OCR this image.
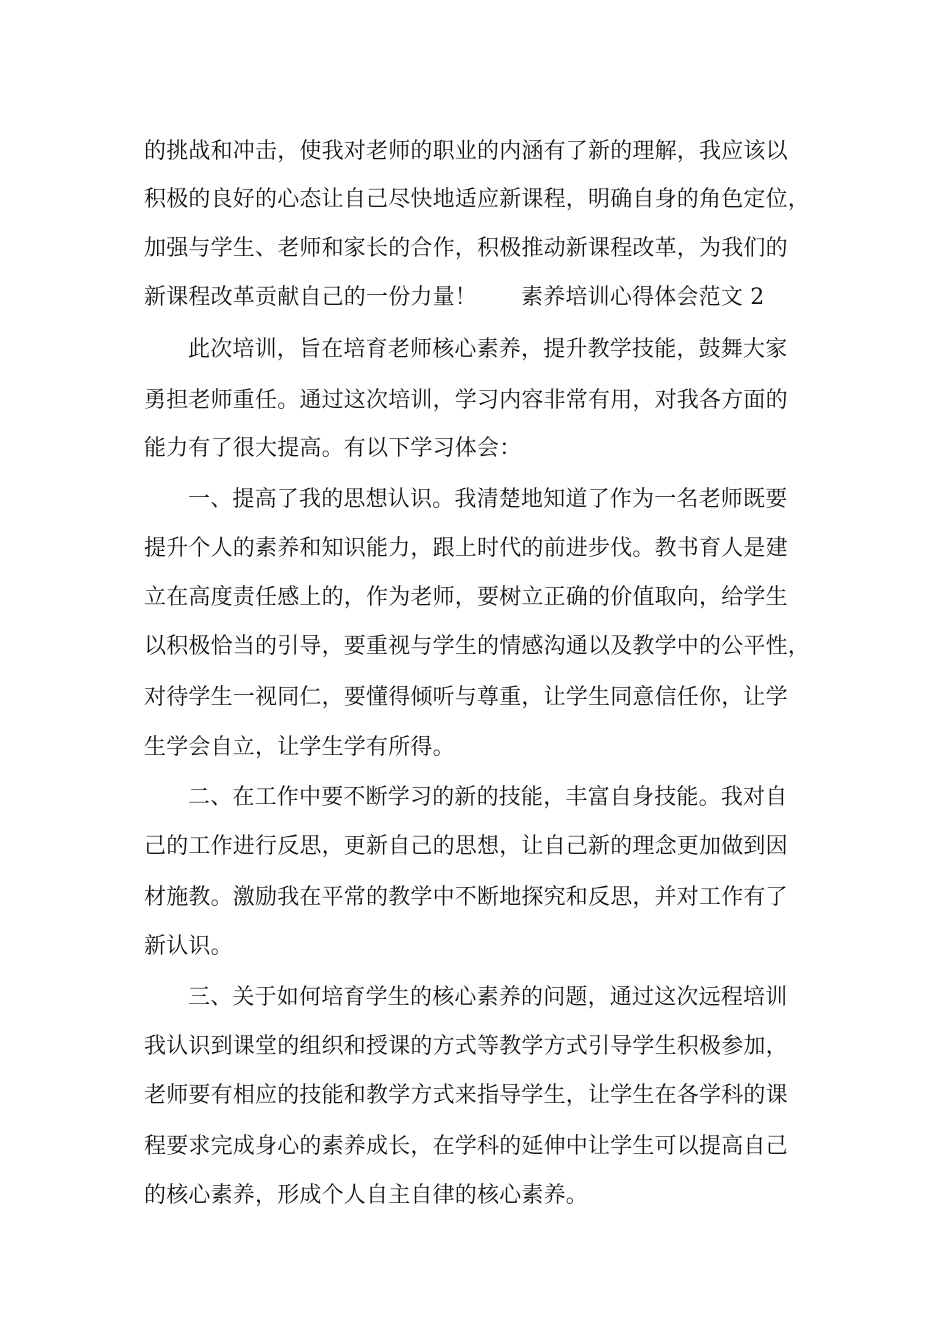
的挑战和冲击，使我对老师的职业的内涵有了新的理解，我应该以

积极的良好的心态让自己尽快地适应新课程，明确自身的角色定位，

加强与学生、老师和家长的合作，积极推动新课程改革，为我们的

新课程改革贡献自己的一份力量！ 素养培训心得体会范文 2

此次培训，旨在培育老师核心素养，提升教学技能，鼓舞大家

勇担老师重任。通过这次培训，学习内容非常有用，对我各方面的

能力有了很大提高。有以下学习体会：

一、提高了我的思想认识。我清楚地知道了作为一名老师既要

提升个人的素养和知识能力，跟上时代的前进步伐。教书育人是建

立在高度责任感上的，作为老师，要树立正确的价值取向，给学生

以积极恰当的引导，要重视与学生的情感沟通以及教学中的公平性，

对待学生一视同仁，要懂得倾听与尊重，让学生同意信任你，让学

生学会自立，让学生学有所得。

二、在工作中要不断学习的新的技能，丰富自身技能。我对自

己的工作进行反思，更新自己的思想，让自己新的理念更加做到因

材施教。激励我在平常的教学中不断地探究和反思，并对工作有了

新认识。

三、关于如何培育学生的核心素养的问题，通过这次远程培训

我认识到课堂的组织和授课的方式等教学方式引导学生积极参加，

老师要有相应的技能和教学方式来指导学生，让学生在各学科的课

程要求完成身心的素养成长，在学科的延伸中让学生可以提高自己

的核心素养，形成个人自主自律的核心素养。
